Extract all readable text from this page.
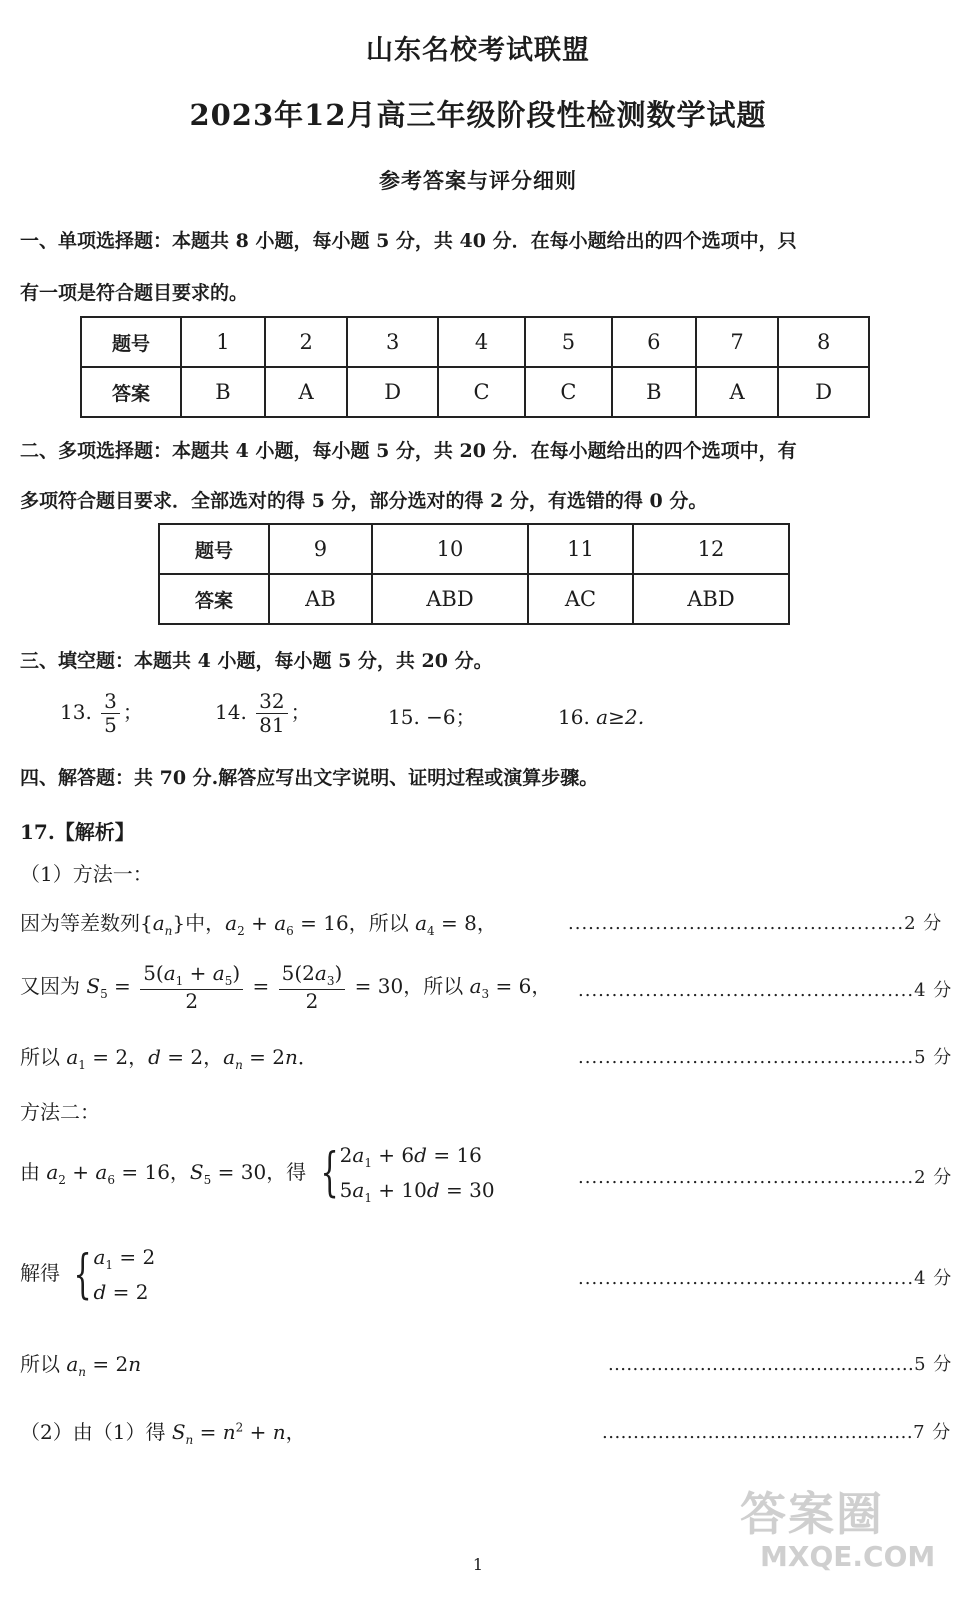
山东名校考试联盟
2023年12月高三年级阶段性检测数学试题
参考答案与评分细则
一、单项选择题：本题共 8 小题，每小题 5 分，共 40 分．在每小题给出的四个选项中，只
有一项是符合题目要求的。
题号	1	2	3	4	5	6	7	8
答案	B	A	D	C	C	B	A	D
二、多项选择题：本题共 4 小题，每小题 5 分，共 20 分．在每小题给出的四个选项中，有
多项符合题目要求．全部选对的得 5 分，部分选对的得 2 分，有选错的得 0 分。
题号	9	10	11	12
答案	AB	ABD	AC	ABD
三、填空题：本题共 4 小题，每小题 5 分，共 20 分。
13. $\frac{3}{5}$ ；	14. $\frac{32}{81}$ ；	15. −6；	16. a≥2．
四、解答题：共 70 分.解答应写出文字说明、证明过程或演算步骤。
17.【解析】
（1）方法一：
因为等差数列$\{a_n\}$中，$a_2 + a_6 = 16$，所以 $a_4 = 8$，	..................................................2 分
又因为 $S_5 = \frac{5(a_1 + a_5)}{2} = \frac{5(2a_3)}{2} = 30$，所以 $a_3 = 6$， ..................................................4 分
所以 $a_1 = 2$，d = 2，$a_n = 2n$．	..................................................5 分
方法二：
由 $a_2 + a_6 = 16$，$S_5 = 30$，得 { $2a_1 + 6d = 16$
$5a_1 + 10d = 30$
..................................................2 分
解得 { $a_1 = 2$
d = 2
..................................................4 分
所以 $a_n = 2n$	..................................................5 分
（2）由（1）得 $S_n = n^2 + n$，	..................................................7 分
答案圈
MXQE.COM
1
